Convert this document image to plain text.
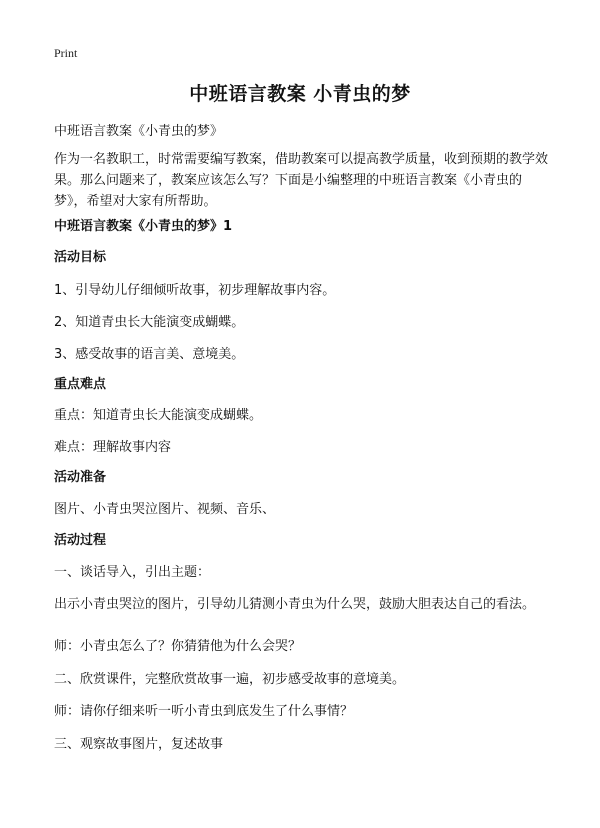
Print
中班语言教案 小青虫的梦
中班语言教案《小青虫的梦》
作为一名教职工，时常需要编写教案，借助教案可以提高教学质量，收到预期的教学效果。那么问题来了，教案应该怎么写？下面是小编整理的中班语言教案《小青虫的梦》，希望对大家有所帮助。
中班语言教案《小青虫的梦》1
活动目标
1、引导幼儿仔细倾听故事，初步理解故事内容。
2、知道青虫长大能演变成蝴蝶。
3、感受故事的语言美、意境美。
重点难点
重点：知道青虫长大能演变成蝴蝶。
难点：理解故事内容
活动准备
图片、小青虫哭泣图片、视频、音乐、
活动过程
一、谈话导入，引出主题：
出示小青虫哭泣的图片，引导幼儿猜测小青虫为什么哭，鼓励大胆表达自己的看法。
师：小青虫怎么了？你猜猜他为什么会哭？
二、欣赏课件，完整欣赏故事一遍，初步感受故事的意境美。
师：请你仔细来听一听小青虫到底发生了什么事情？
三、观察故事图片，复述故事
